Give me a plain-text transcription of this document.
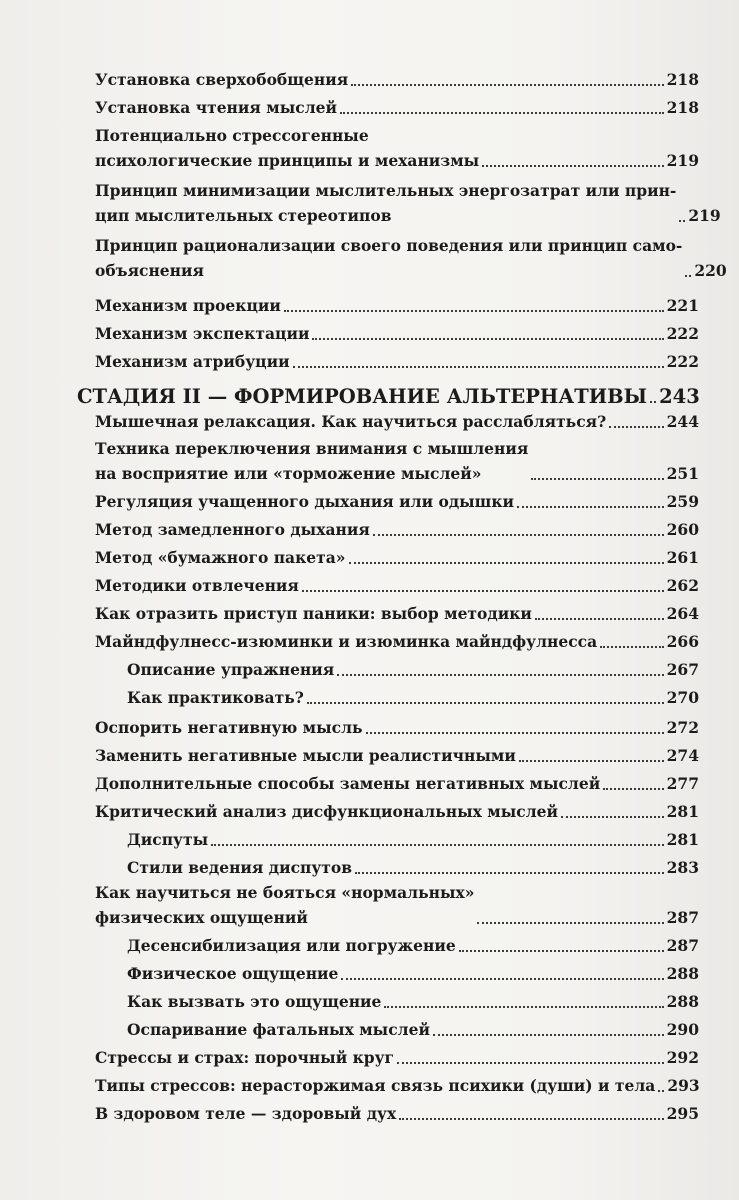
Установка сверхобобщения	218
Установка чтения мыслей	218
Потенциально стрессогенные
психологические принципы и механизмы	219
Принцип минимизации мыслительных энергозатрат или прин-
цип мыслительных стереотипов	219
Принцип рационализации своего поведения или принцип само-
объяснения	220
Механизм проекции	221
Механизм экспектации	222
Механизм атрибуции	222
СТАДИЯ II — ФОРМИРОВАНИЕ АЛЬТЕРНАТИВЫ 243
Мышечная релаксация. Как научиться расслабляться?	244
Техника переключения внимания с мышления
на восприятие или «торможение мыслей»	251
Регуляция учащенного дыхания или одышки	259
Метод замедленного дыхания	260
Метод «бумажного пакета»	261
Методики отвлечения	262
Как отразить приступ паники: выбор методики	264
Майндфулнесс-изюминки и изюминка майндфулнесса	266
Описание упражнения	267
Как практиковать?	270
Оспорить негативную мысль	272
Заменить негативные мысли реалистичными	274
Дополнительные способы замены негативных мыслей	277
Критический анализ дисфункциональных мыслей	281
Диспуты	281
Стили ведения диспутов	283
Как научиться не бояться «нормальных»
физических ощущений	287
Десенсибилизация или погружение	287
Физическое ощущение	288
Как вызвать это ощущение	288
Оспаривание фатальных мыслей	290
Стрессы и страх: порочный круг	292
Типы стрессов: нерасторжимая связь психики (души) и тела 293
В здоровом теле — здоровый дух	295
